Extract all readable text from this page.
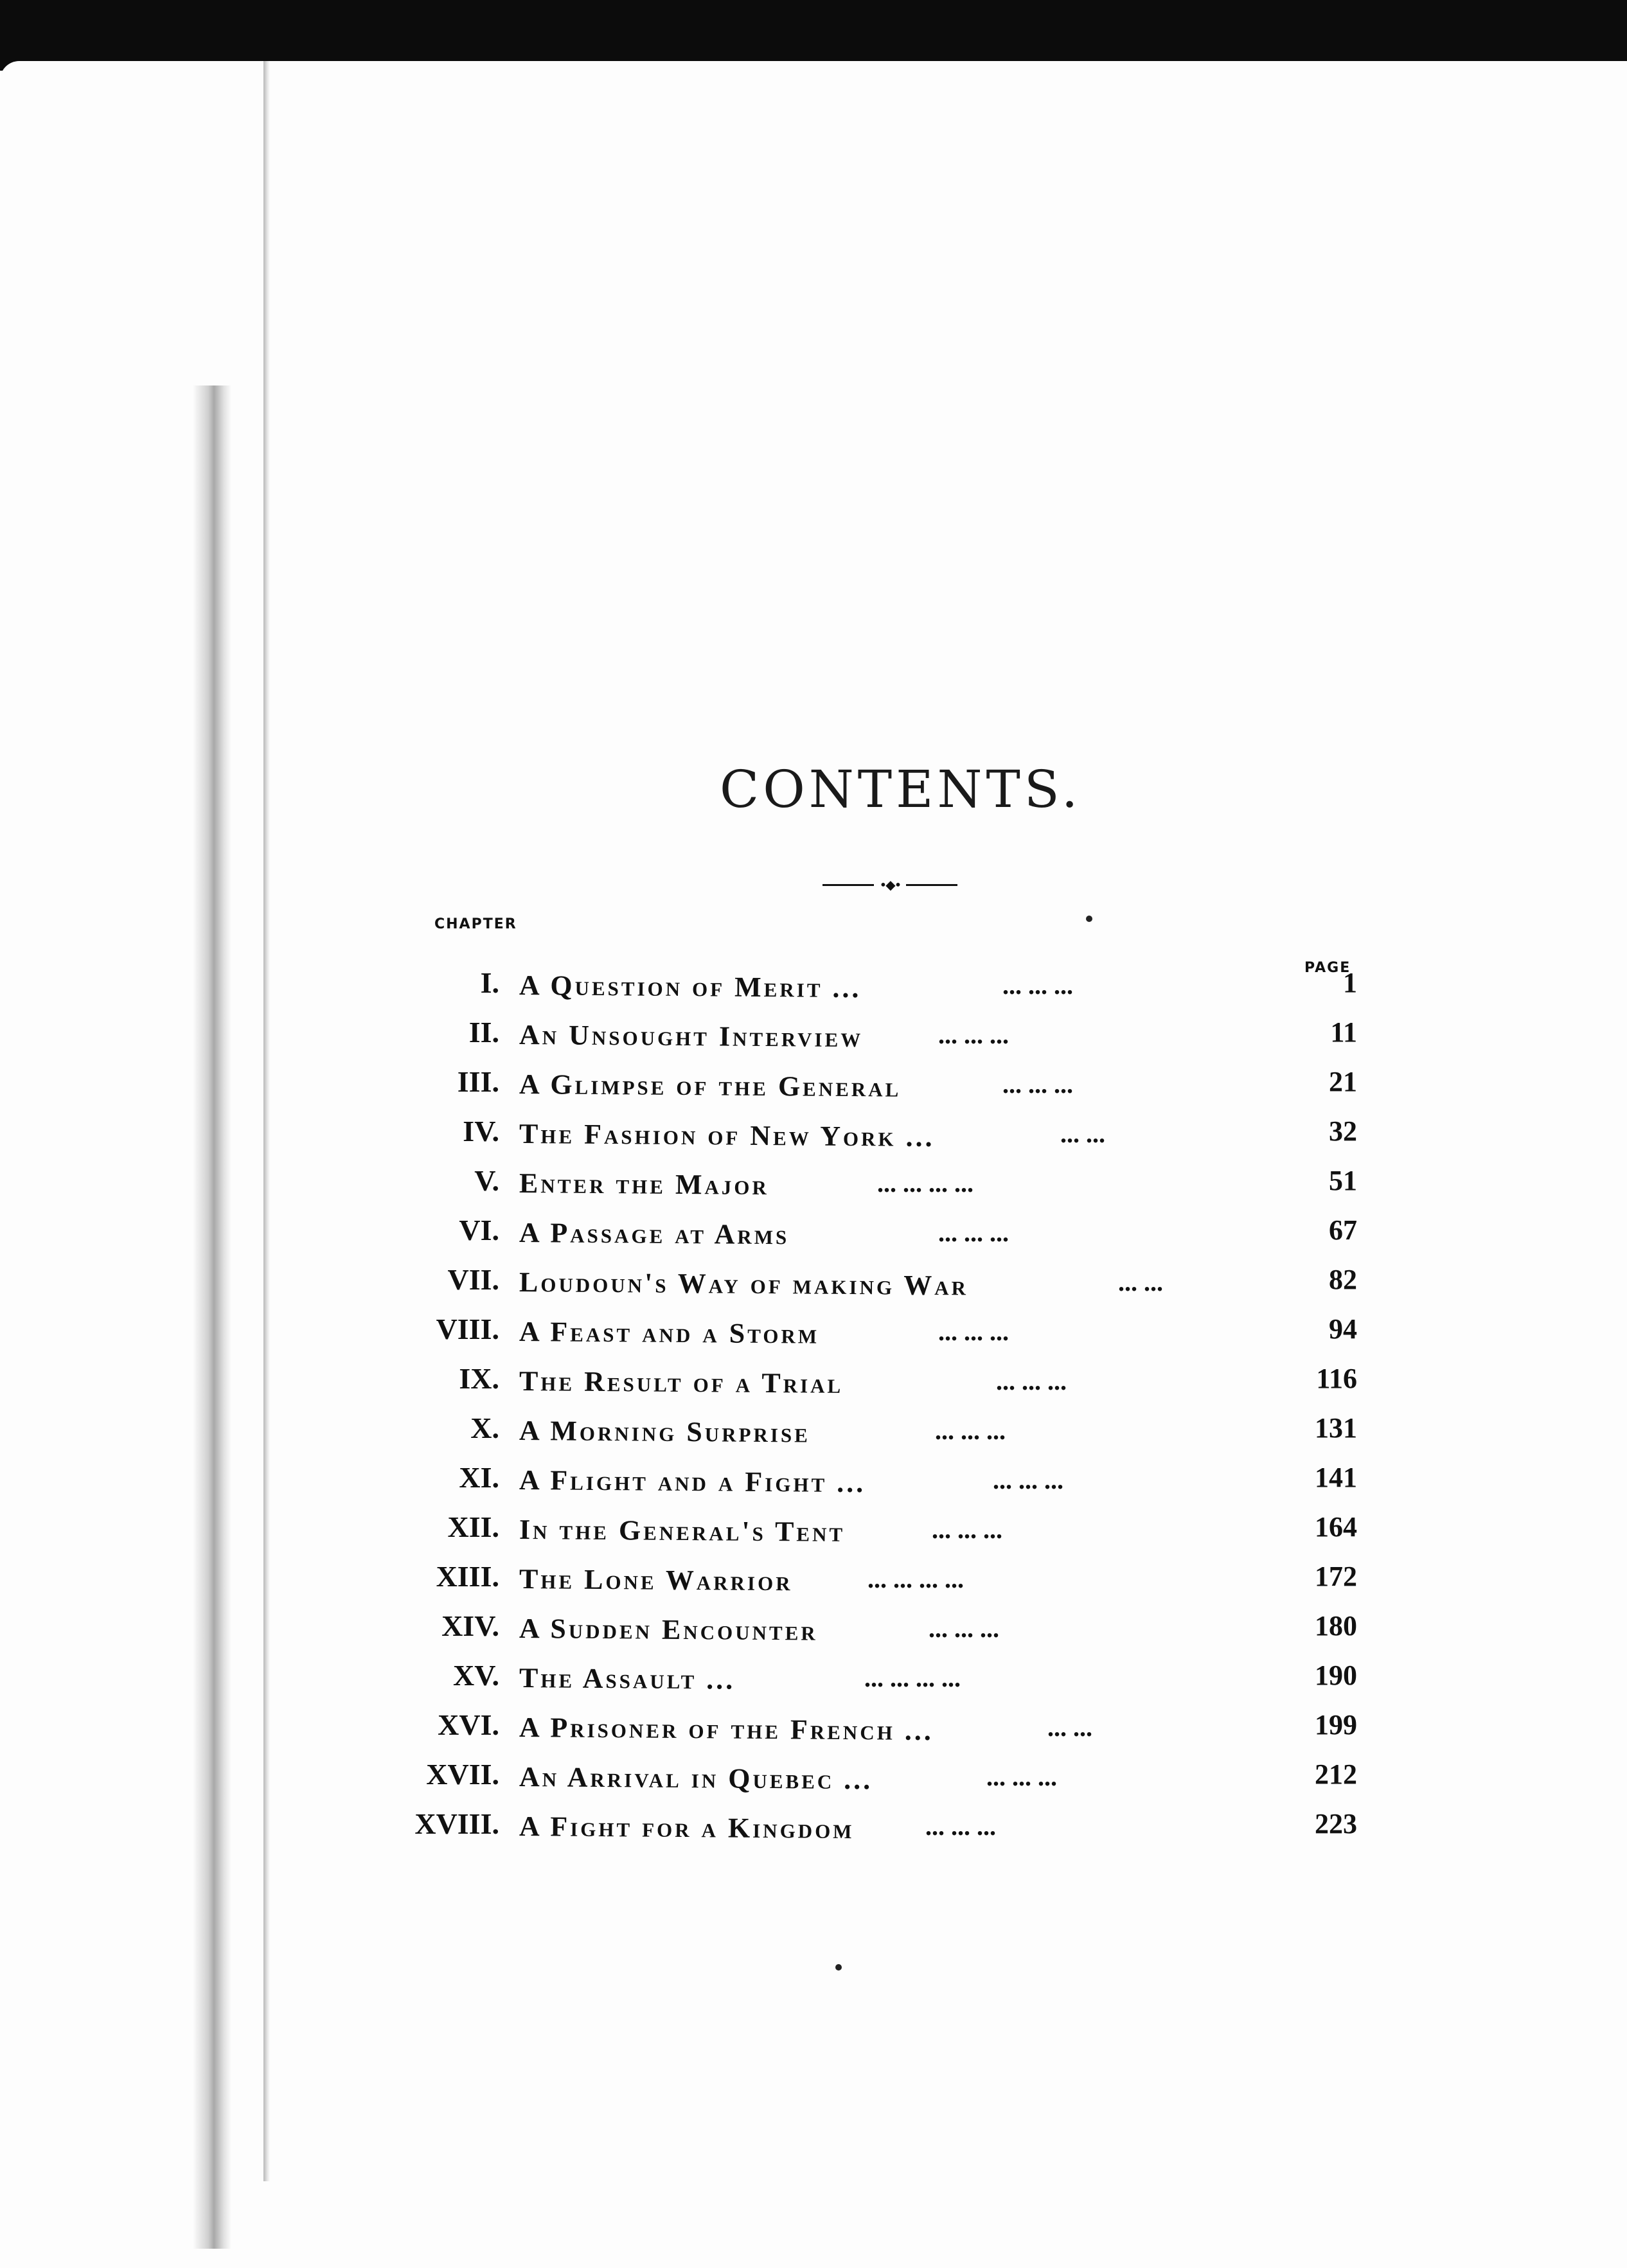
CONTENTS.
•◆•
CHAPTER
PAGE
I. A Question of Merit ...	... ... ...	1
II. An Unsought Interview	... ... ...	11
III. A Glimpse of the General	... ... ...	21
IV. The Fashion of New York ...	... ...	32
V. Enter the Major	... ... ... ...	51
VI. A Passage at Arms	... ... ...	67
VII. Loudoun's Way of making War	... ...	82
VIII. A Feast and a Storm	... ... ...	94
IX. The Result of a Trial	... ... ...	116
X. A Morning Surprise	... ... ...	131
XI. A Flight and a Fight ...	... ... ...	141
XII. In the General's Tent	... ... ...	164
XIII. The Lone Warrior	... ... ... ...	172
XIV. A Sudden Encounter	... ... ...	180
XV. The Assault ...	... ... ... ...	190
XVI. A Prisoner of the French ...	... ...	199
XVII. An Arrival in Quebec ...	... ... ...	212
XVIII. A Fight for a Kingdom	... ... ...	223
